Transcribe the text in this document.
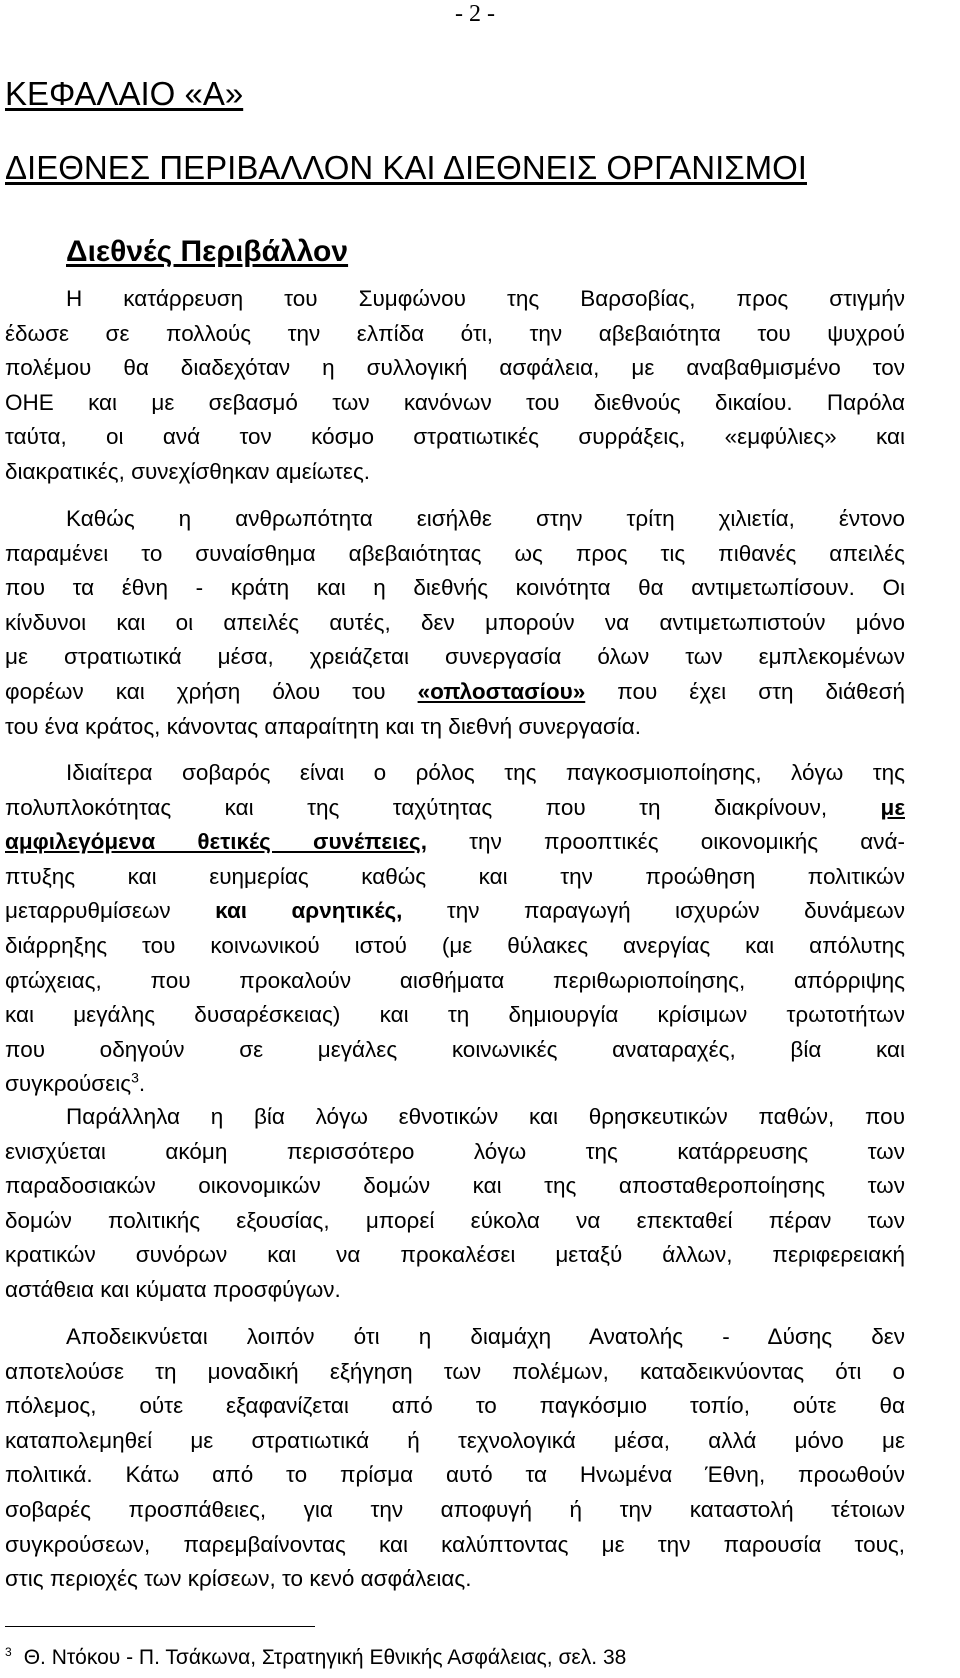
- 2 -
ΚΕΦΑΛΑΙΟ «Α»
ΔΙΕΘΝΕΣ ΠΕΡΙΒΑΛΛΟΝ ΚΑΙ ΔΙΕΘΝΕΙΣ ΟΡΓΑΝΙΣΜΟΙ
Διεθνές Περιβάλλον
Η κατάρρευση του Συμφώνου της Βαρσοβίας, προς στιγμήν
έδωσε σε πολλούς την ελπίδα ότι, την αβεβαιότητα του ψυχρού
πολέμου θα διαδεχόταν η συλλογική ασφάλεια, με αναβαθμισμένο τον
ΟΗΕ και με σεβασμό των κανόνων του διεθνούς δικαίου. Παρόλα
ταύτα, οι ανά τον κόσμο στρατιωτικές συρράξεις, «εμφύλιες» και
διακρατικές, συνεχίσθηκαν αμείωτες.
Καθώς η ανθρωπότητα εισήλθε στην τρίτη χιλιετία, έντονο
παραμένει το συναίσθημα αβεβαιότητας ως προς τις πιθανές απειλές
που τα έθνη - κράτη και η διεθνής κοινότητα θα αντιμετωπίσουν. Οι
κίνδυνοι και οι απειλές αυτές, δεν μπορούν να αντιμετωπιστούν μόνο
με στρατιωτικά μέσα, χρειάζεται συνεργασία όλων των εμπλεκομένων
φορέων και χρήση όλου του «οπλοστασίου» που έχει στη διάθεσή
του ένα κράτος, κάνοντας απαραίτητη και τη διεθνή συνεργασία.
Ιδιαίτερα σοβαρός είναι ο ρόλος της παγκοσμιοποίησης, λόγω της
πολυπλοκότητας και της ταχύτητας που τη διακρίνουν, με
αμφιλεγόμενα θετικές συνέπειες, την προοπτικές οικονομικής ανά-
πτυξης και ευημερίας καθώς και την προώθηση πολιτικών
μεταρρυθμίσεων και αρνητικές, την παραγωγή ισχυρών δυνάμεων
διάρρηξης του κοινωνικού ιστού (με θύλακες ανεργίας και απόλυτης
φτώχειας, που προκαλούν αισθήματα περιθωριοποίησης, απόρριψης
και μεγάλης δυσαρέσκειας) και τη δημιουργία κρίσιμων τρωτοτήτων
που οδηγούν σε μεγάλες κοινωνικές αναταραχές, βία και
συγκρούσεις$^3$.
Παράλληλα η βία λόγω εθνοτικών και θρησκευτικών παθών, που
ενισχύεται ακόμη περισσότερο λόγω της κατάρρευσης των
παραδοσιακών οικονομικών δομών και της αποσταθεροποίησης των
δομών πολιτικής εξουσίας, μπορεί εύκολα να επεκταθεί πέραν των
κρατικών συνόρων και να προκαλέσει μεταξύ άλλων, περιφερειακή
αστάθεια και κύματα προσφύγων.
Αποδεικνύεται λοιπόν ότι η διαμάχη Ανατολής - Δύσης δεν
αποτελούσε τη μοναδική εξήγηση των πολέμων, καταδεικνύοντας ότι ο
πόλεμος, ούτε εξαφανίζεται από το παγκόσμιο τοπίο, ούτε θα
καταπολεμηθεί με στρατιωτικά ή τεχνολογικά μέσα, αλλά μόνο με
πολιτικά. Κάτω από το πρίσμα αυτό τα Ηνωμένα Έθνη, προωθούν
σοβαρές προσπάθειες, για την αποφυγή ή την καταστολή τέτοιων
συγκρούσεων, παρεμβαίνοντας και καλύπτοντας με την παρουσία τους,
στις περιοχές των κρίσεων, το κενό ασφάλειας.
$^3$ Θ. Ντόκου - Π. Τσάκωνα, Στρατηγική Εθνικής Ασφάλειας, σελ. 38
